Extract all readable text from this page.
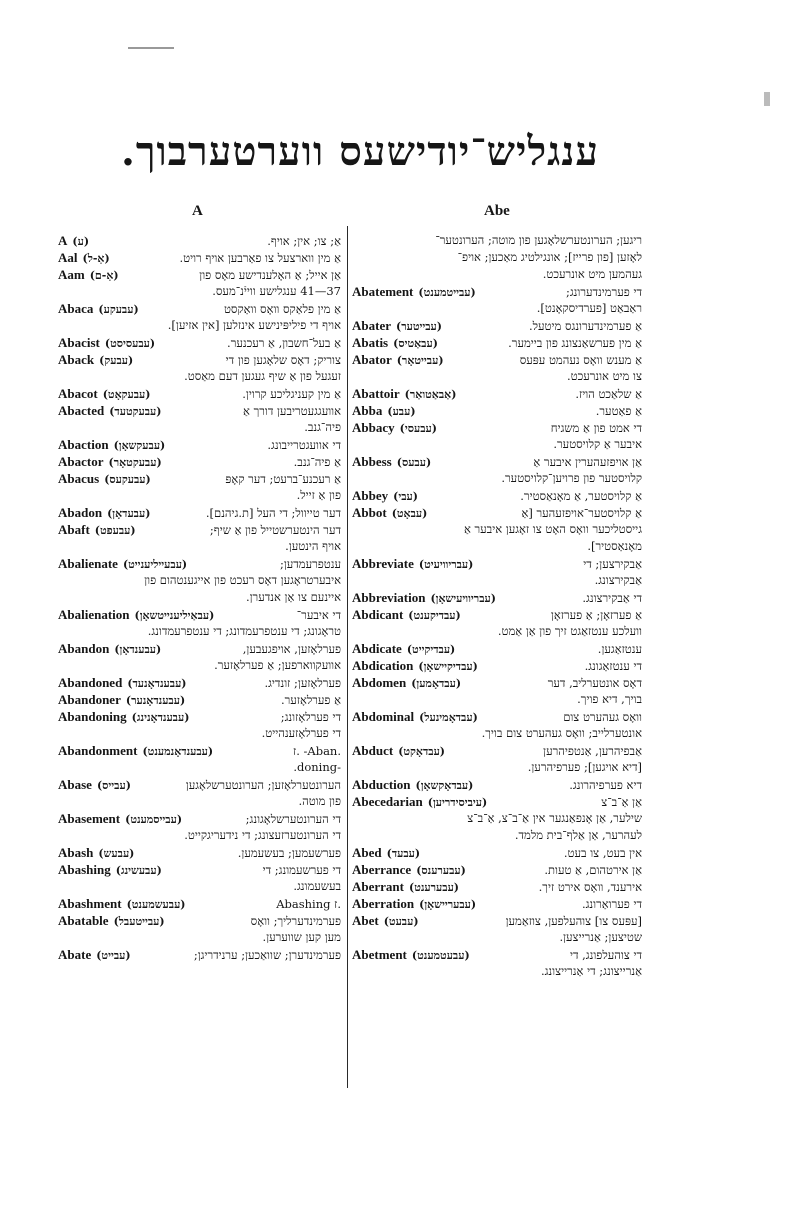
ענגליש־יודישעס ווערטערבוך.
A	Abe
A (ע)	אַ; צו; אין; אויף.
Aal (אַ-ל)	אַ מין ווארצעל צו פאַרבען אויף רויט.
Aam (אַ-ם)	אַן אייל; אַ האָלענדישע מאָס פון
37—41 ענגלישע ווייֿנ־מעס.
Abaca (עבעקע)	אַ מין פלאַקס וואָס וואַקסט
אויף די פיליפּינישע אינזלען [אין אזיען].
Abacist (עבעסיסט)	אַ בעל־חשבון, אַ רעכנער.
Aback (עבעק)	צוריק; דאָס שלאָגען פון די
זעגעל פון אַ שיף געגען דעם מאַסט.
Abacot (עבעקאָט)	אַ מין קעניגליכע קרוין.
Abacted (עבעקטעד)	אוועגגעטריבען דורך אַ
פיה־גנב.
Abaction (עבעקשאָן)	די אוועגטרייבונג.
Abactor (עבעקטאָר)	אַ פיה־גנב.
Abacus (עבעקעס)	אַ רעכנע־ברעט; דער קאָפּ
פון אַ זייל.
Abadon (עבעדאָן)	דער טייוול; די העל [ת.גיהנם].
Abaft (עבעפט)	דער הינטערשטייל פון אַ שיף;
אויף הינטען.
Abalienate (עבעייליענייט)	ענטפרעמדען;
איבערטראָגען דאָס רעכט פון אייגענטהום פון
איינעם צו אַן אנדערן.
Abalienation (עבאַיליענייטשאָן)	די איבער־
טראָגונג; די ענטפרעמדונג; די ענטפרעמדונג.
Abandon (עבענדאָן)	פערלאָזען, אויפגעבען,
אוועקווארפען; אַ פערלאָזער.
Abandoned (עבענדאָנעד)	פערלאָזען; זונדיג.
Abandoner (עבענדאָנער)	אַ פערלאָזער.
Abandoning (עבענדאָנינג)	די פערלאָזונג;
די פערלאָזענהייט.
Abandonment (עבענדאָנמענט)	.Aban- .ז
-doning.
Abase (עבייס)	הערונטערלאָזען; הערונטערשלאָגען
פון מוטה.
Abasement (עבייסמענט)	די הערונטערשלאָגונג;
די הערונטערזעצונג; די נידעריגקייט.
Abash (עבעש)	פערשעמען; בעשעמען.
Abashing (עבעשינג)	די פערשעמונג; די
בעשעמונג.
Abashment (עבעשמענט)	.ז Abashing
Abatable (עבייטעבל)	פערמינדערליך; וואָס
מען קען שווערען.
Abate (עבייט)	פערמינדערן; שוואַכען; ערנידריגן;
ריגען; הערונטערשלאָגען פון מוטה; הערונטער־
לאָזען [פון פרייז]; אונגילטיג מאַכען; אויפ־
געהמען מיט אונרעכט.
Abatement (עבייטמענט)	די פערמינדערונג;
ראַבאַט [פערדיסקאָנט].
Abater (עבייטער)	אַ פערמינדערונגס מיטעל.
Abatis (עבאַטיס)	אַ מין פערשאַנצונג פון ביימער.
Abator (עבייטאָר)	אַ מענש וואָס נעהמט עפּעס
צו מיט אונרעכט.
Abattoir (אַבאַטואַר)	אַ שלאַכט הויז.
Abba (עבע)	אַ פאַטער.
Abbacy (עבעסי)	די אמט פון אַ משגיח
איבער אַ קלויסטער.
Abbess (עבעס)	אַן אויפזעהערין איבער אַ
קלויסטער פון פרויען־קלויסטער.
Abbey (עבי)	אַ קלויסטער, אַ מאָנאַסטיר.
Abbot (עבאָט)	אַ קלויסטער־אויפזעהער [אַ
גייסטליכער וואָס האָט צו זאָגען איבער אַ
מאָנאַסטיר].
Abbreviate (עבריוויעיט)	אַבקירצען; די
אַבקירצונג.
Abbreviation (עבריוויעישאָן)	די אַבקירצונג.
Abdicant (עבדיקענט)	אַ פערזאָן; אַ פערזאָן
וועלכע ענטזאַגט זיך פון אַן אַמט.
Abdicate (עבדיקייט)	ענטזאַגען.
Abdication (עבדיקיישאָן)	די ענטזאַגונג.
Abdomen (עבדאָמען)	דאָס אונטערליב, דער
בויך, דיא פויך.
Abdominal (עבדאָמינעל)	וואָס געהערט צום
אונטערלייב; וואָס געהערט צום בויך.
Abduct (עבדאָקט)	אַבפיהרען, אַנטפיהרען
[דיא אויגען]; פערפיהרען.
Abduction (עבדאָקשאָן)	דיא פערפיהרונג.
Abecedarian (עיביסידריען)	אַן אַ־ב־צ
שילער, אַן אָנפאַנגער אין אַ־ב־צ, אַ־ב־צ
לעהרער, אַן אַלף־בית מלמד.
Abed (עבעד)	אין בעט, צו בעט.
Aberrance (עבערענס)	אַן אירטהום, אַ טעות.
Aberrant (עבערענט)	אירענד, וואָס אירט זיך.
Aberration (עבעריישאָן)	די פערואַרונג.
Abet (עבעט)	[עפּעס צו] צוהעלפען, צוזאַמען
שטיצען; אַנרייצען.
Abetment (עבעטמענט)	די צוהעלפונג, די
אַנרייצונג; די אַנרייצונג.
